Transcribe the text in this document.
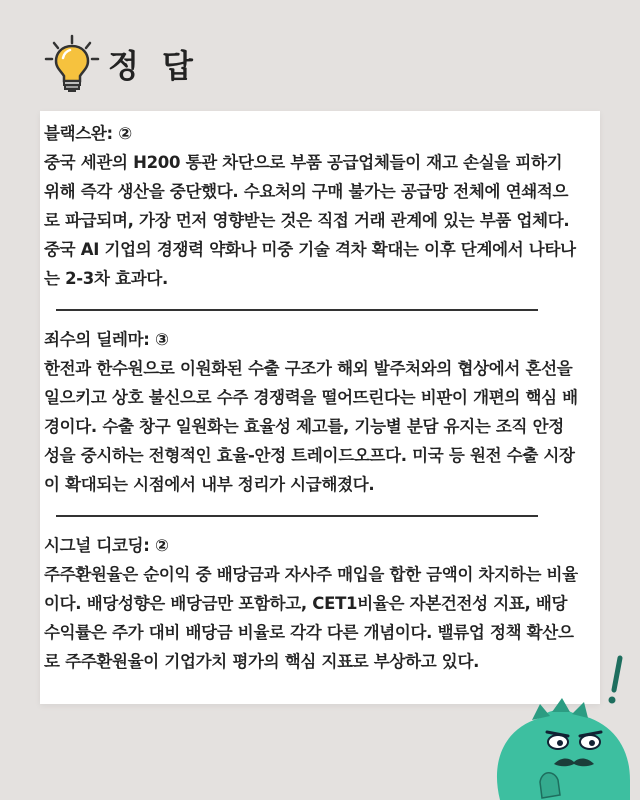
정 답
블랙스완: ②
중국 세관의 H200 통관 차단으로 부품 공급업체들이 재고 손실을 피하기 위해 즉각 생산을 중단했다. 수요처의 구매 불가는 공급망 전체에 연쇄적으로 파급되며, 가장 먼저 영향받는 것은 직접 거래 관계에 있는 부품 업체다. 중국 AI 기업의 경쟁력 약화나 미중 기술 격차 확대는 이후 단계에서 나타나는 2-3차 효과다.
죄수의 딜레마: ③
한전과 한수원으로 이원화된 수출 구조가 해외 발주처와의 협상에서 혼선을 일으키고 상호 불신으로 수주 경쟁력을 떨어뜨린다는 비판이 개편의 핵심 배경이다. 수출 창구 일원화는 효율성 제고를, 기능별 분담 유지는 조직 안정성을 중시하는 전형적인 효율-안정 트레이드오프다. 미국 등 원전 수출 시장이 확대되는 시점에서 내부 정리가 시급해졌다.
시그널 디코딩: ②
주주환원율은 순이익 중 배당금과 자사주 매입을 합한 금액이 차지하는 비율이다. 배당성향은 배당금만 포함하고, CET1비율은 자본건전성 지표, 배당수익률은 주가 대비 배당금 비율로 각각 다른 개념이다. 밸류업 정책 확산으로 주주환원율이 기업가치 평가의 핵심 지표로 부상하고 있다.
